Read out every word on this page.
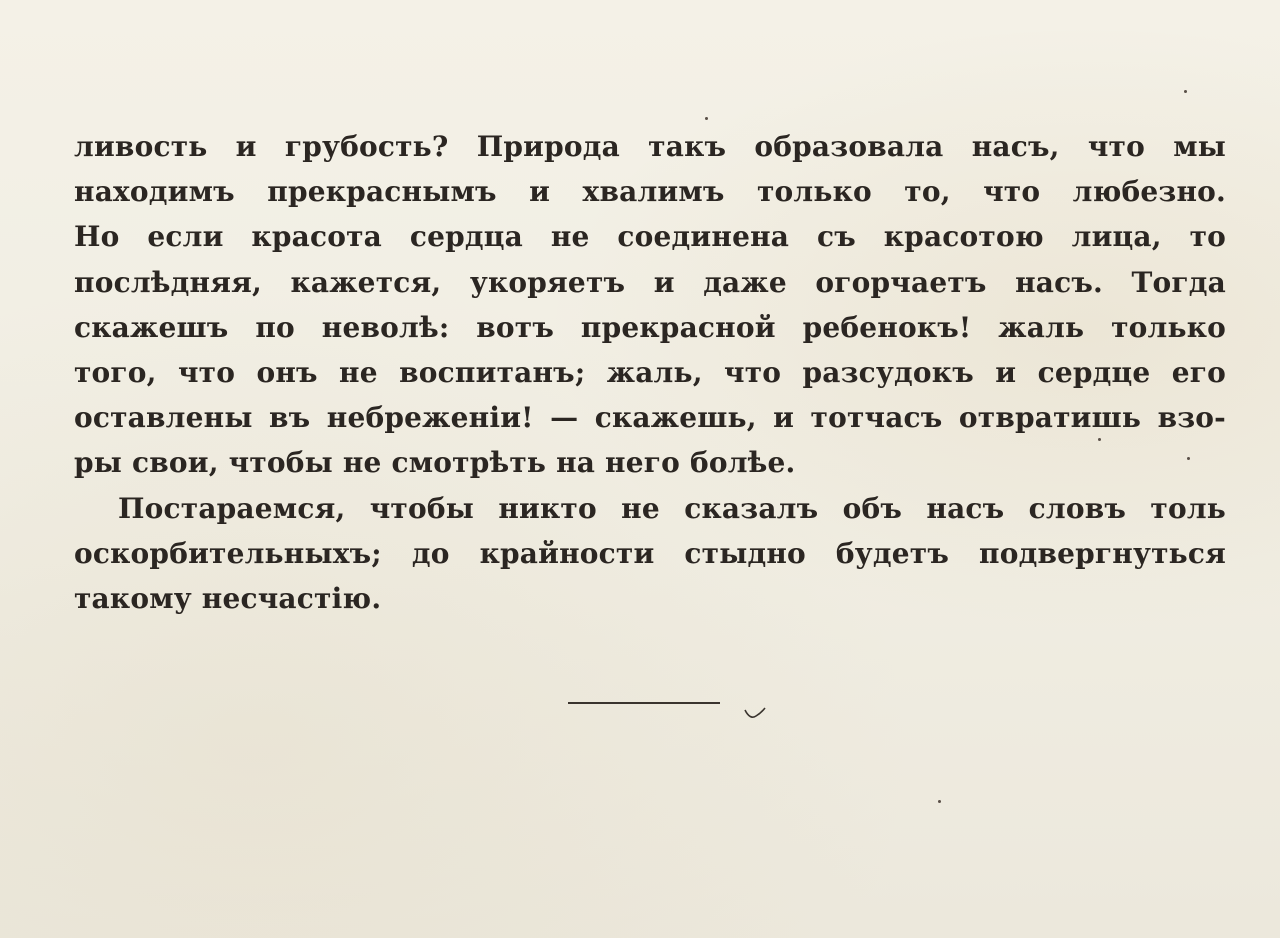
ливость и грубость? Природа такъ образовала насъ, что мы
находимъ прекраснымъ и хвалимъ только то, что любезно.
Но если красота сердца не соединена съ красотою лица, то
послѣдняя, кажется, укоряетъ и даже огорчаетъ насъ. Тогда
скажешъ по неволѣ: вотъ прекрасной ребенокъ! жаль только
того, что онъ не воспитанъ; жаль, что разсудокъ и сердце его
оставлены въ небреженіи! — скажешь, и тотчасъ отвратишь взо-
ры свои, чтобы не смотрѣть на него болѣе.
Постараемся, чтобы никто не сказалъ объ насъ словъ толь
оскорбительныхъ; до крайности стыдно будетъ подвергнуться
такому несчастію.
